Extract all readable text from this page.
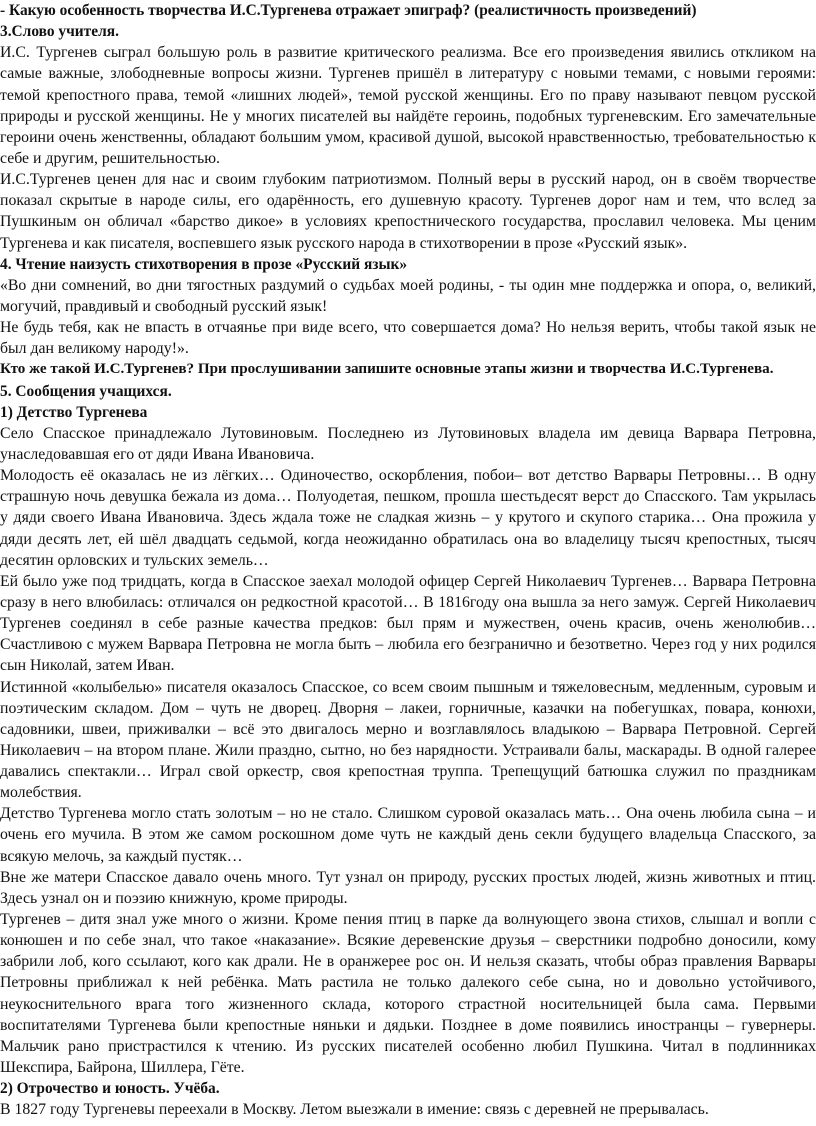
- Какую особенность творчества И.С.Тургенева отражает эпиграф? (реалистичность произведений)

3.Слово учителя.

И.С. Тургенев сыграл большую роль в развитие критического реализма. Все его произведения явились откликом на самые важные, злободневные вопросы жизни. Тургенев пришёл в литературу с новыми темами, с новыми героями: темой крепостного права, темой «лишних людей», темой русской женщины. Его по праву называют певцом русской природы и русской женщины. Не у многих писателей вы найдёте героинь, подобных тургеневским. Его замечательные героини очень женственны, обладают большим умом, красивой душой, высокой нравственностью, требовательностью к себе и другим, решительностью.

И.С.Тургенев ценен для нас и своим глубоким патриотизмом. Полный веры в русский народ, он в своём творчестве показал скрытые в народе силы, его одарённость, его душевную красоту. Тургенев дорог нам и тем, что вслед за Пушкиным он обличал «барство дикое» в условиях крепостнического государства, прославил человека. Мы ценим Тургенева и как писателя, воспевшего язык русского народа в стихотворении в прозе «Русский язык».

4. Чтение наизусть стихотворения в прозе «Русский язык»

«Во дни сомнений, во дни тягостных раздумий о судьбах моей родины, - ты один мне поддержка и опора, о, великий, могучий, правдивый и свободный русский язык!

Не будь тебя, как не впасть в отчаянье при виде всего, что совершается дома? Но нельзя верить, чтобы такой язык не был дан великому народу!».

Кто же такой И.С.Тургенев? При прослушивании запишите основные этапы жизни и творчества И.С.Тургенева.

5. Сообщения учащихся.

1) Детство Тургенева

Село Спасское принадлежало Лутовиновым. Последнею из Лутовиновых владела им девица Варвара Петровна, унаследовавшая его от дяди Ивана Ивановича.

Молодость её оказалась не из лёгких… Одиночество, оскорбления, побои– вот детство Варвары Петровны… В одну страшную ночь девушка бежала из дома… Полуодетая, пешком, прошла шестьдесят верст до Спасского. Там укрылась у дяди своего Ивана Ивановича. Здесь ждала тоже не сладкая жизнь – у крутого и скупого старика… Она прожила у дяди десять лет, ей шёл двадцать седьмой, когда неожиданно обратилась она во владелицу тысяч крепостных, тысяч десятин орловских и тульских земель…

Ей было уже под тридцать, когда в Спасское заехал молодой офицер Сергей Николаевич Тургенев… Варвара Петровна сразу в него влюбилась: отличался он редкостной красотой… В 1816году она вышла за него замуж. Сергей Николаевич Тургенев соединял в себе разные качества предков: был прям и мужествен, очень красив, очень женолюбив… Счастливою с мужем Варвара Петровна не могла быть – любила его безгранично и безответно. Через год у них родился сын Николай, затем Иван.

Истинной «колыбелью» писателя оказалось Спасское, со всем своим пышным и тяжеловесным, медленным, суровым и поэтическим складом. Дом – чуть не дворец. Дворня – лакеи, горничные, казачки на побегушках, повара, конюхи, садовники, швеи, приживалки – всё это двигалось мерно и возглавлялось владыкою – Варвара Петровной. Сергей Николаевич – на втором плане. Жили праздно, сытно, но без нарядности. Устраивали балы, маскарады. В одной галерее давались спектакли… Играл свой оркестр, своя крепостная труппа. Трепещущий батюшка служил по праздникам молебствия.

Детство Тургенева могло стать золотым – но не стало. Слишком суровой оказалась мать… Она очень любила сына – и очень его мучила. В этом же самом роскошном доме чуть не каждый день секли будущего владельца Спасского, за всякую мелочь, за каждый пустяк…

Вне же матери Спасское давало очень много. Тут узнал он природу, русских простых людей, жизнь животных и птиц. Здесь узнал он и поэзию книжную, кроме природы.

Тургенев – дитя знал уже много о жизни. Кроме пения птиц в парке да волнующего звона стихов, слышал и вопли с конюшен и по себе знал, что такое «наказание». Всякие деревенские друзья – сверстники подробно доносили, кому забрили лоб, кого ссылают, кого как драли. Не в оранжерее рос он. И нельзя сказать, чтобы образ правления Варвары Петровны приближал к ней ребёнка. Мать растила не только далекого себе сына, но и довольно устойчивого, неукоснительного врага того жизненного склада, которого страстной носительницей была сама. Первыми воспитателями Тургенева были крепостные няньки и дядьки. Позднее в доме появились иностранцы – гувернеры. Мальчик рано пристрастился к чтению. Из русских писателей особенно любил Пушкина. Читал в подлинниках Шекспира, Байрона, Шиллера, Гёте.

2) Отрочество и юность. Учёба.

В 1827 году Тургеневы переехали в Москву. Летом выезжали в имение: связь с деревней не прерывалась.
